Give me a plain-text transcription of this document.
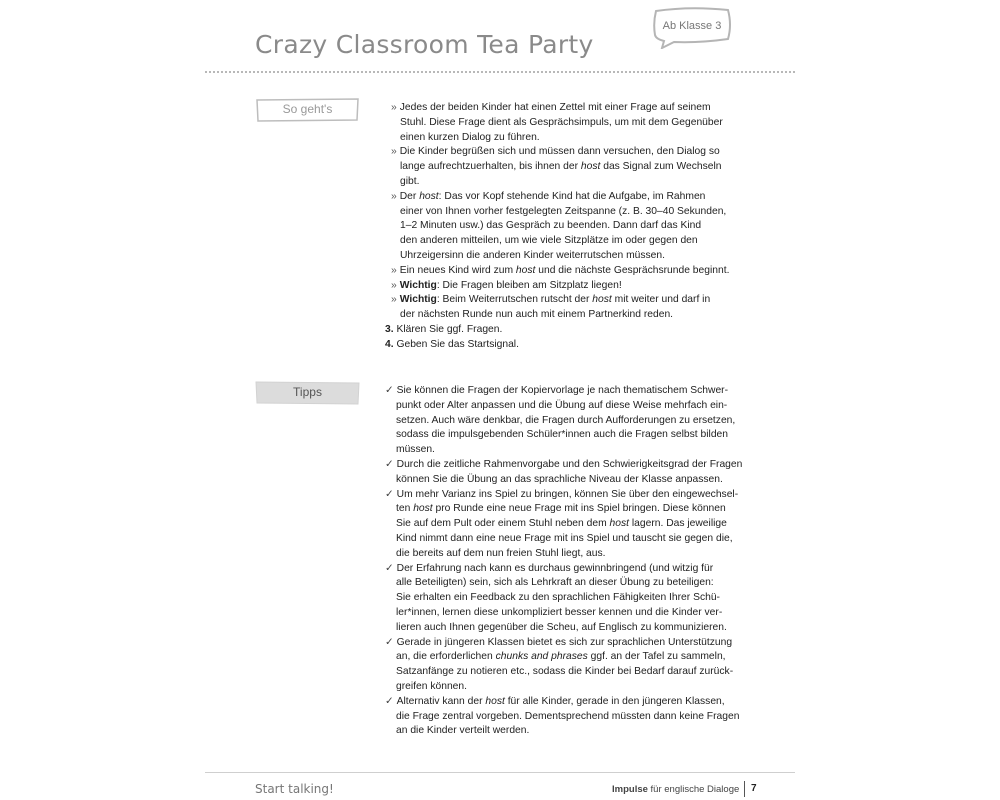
Crazy Classroom Tea Party
Ab Klasse 3
So geht's	» Jedes der beiden Kinder hat einen Zettel mit einer Frage auf seinem
Stuhl. Diese Frage dient als Gesprächsimpuls, um mit dem Gegenüber
einen kurzen Dialog zu führen.
» Die Kinder begrüßen sich und müssen dann versuchen, den Dialog so
lange aufrechtzuerhalten, bis ihnen der host das Signal zum Wechseln
gibt.
» Der host: Das vor Kopf stehende Kind hat die Aufgabe, im Rahmen
einer von Ihnen vorher festgelegten Zeitspanne (z. B. 30–40 Sekunden,
1–2 Minuten usw.) das Gespräch zu beenden. Dann darf das Kind
den anderen mitteilen, um wie viele Sitzplätze im oder gegen den
Uhrzeigersinn die anderen Kinder weiterrutschen müssen.
» Ein neues Kind wird zum host und die nächste Gesprächsrunde beginnt.
» Wichtig: Die Fragen bleiben am Sitzplatz liegen!
» Wichtig: Beim Weiterrutschen rutscht der host mit weiter und darf in
der nächsten Runde nun auch mit einem Partnerkind reden.
3. Klären Sie ggf. Fragen.
4. Geben Sie das Startsignal.
Tipps	✓ Sie können die Fragen der Kopiervorlage je nach thematischem Schwer-
punkt oder Alter anpassen und die Übung auf diese Weise mehrfach ein-
setzen. Auch wäre denkbar, die Fragen durch Aufforderungen zu ersetzen,
sodass die impulsgebenden Schüler*innen auch die Fragen selbst bilden
müssen.
✓ Durch die zeitliche Rahmenvorgabe und den Schwierigkeitsgrad der Fragen
können Sie die Übung an das sprachliche Niveau der Klasse anpassen.
✓ Um mehr Varianz ins Spiel zu bringen, können Sie über den eingewechsel-
ten host pro Runde eine neue Frage mit ins Spiel bringen. Diese können
Sie auf dem Pult oder einem Stuhl neben dem host lagern. Das jeweilige
Kind nimmt dann eine neue Frage mit ins Spiel und tauscht sie gegen die,
die bereits auf dem nun freien Stuhl liegt, aus.
✓ Der Erfahrung nach kann es durchaus gewinnbringend (und witzig für
alle Beteiligten) sein, sich als Lehrkraft an dieser Übung zu beteiligen:
Sie erhalten ein Feedback zu den sprachlichen Fähigkeiten Ihrer Schü-
ler*innen, lernen diese unkompliziert besser kennen und die Kinder ver-
lieren auch Ihnen gegenüber die Scheu, auf Englisch zu kommunizieren.
✓ Gerade in jüngeren Klassen bietet es sich zur sprachlichen Unterstützung
an, die erforderlichen chunks and phrases ggf. an der Tafel zu sammeln,
Satzanfänge zu notieren etc., sodass die Kinder bei Bedarf darauf zurück-
greifen können.
✓ Alternativ kann der host für alle Kinder, gerade in den jüngeren Klassen,
die Frage zentral vorgeben. Dementsprechend müssten dann keine Fragen
an die Kinder verteilt werden.
Start talking!	Impulse für englische Dialoge 7
